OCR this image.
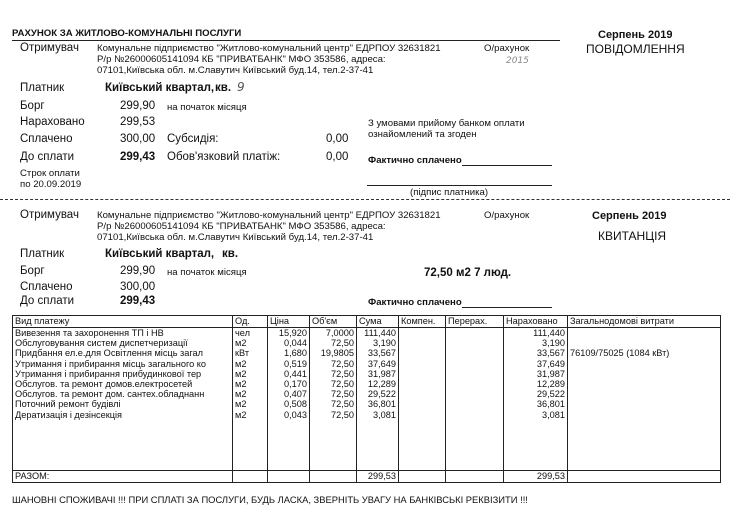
РАХУНОК ЗА ЖИТЛОВО-КОМУНАЛЬНІ ПОСЛУГИ
Отримувач Комунальне підприємство "Житлово-комунальний центр" ЕДРПОУ 32631821
Р/р №26000605141094 КБ "ПРИВАТБАНК" МФО 353586, адреса:
07101,Київська обл. м.Славутич Київський буд.14, тел.2-37-41
О/рахунок
2015
Серпень 2019
ПОВІДОМЛЕННЯ
Платник	Київський квартал, кв. 9
Борг	299,90 на початок місяця
Нараховано	299,53
Сплачено	300,00 Субсидія:	0,00
До сплати	299,43 Обов'язковий платіж:	0,00
З умовами прийому банком оплати
ознайомлений та згоден
Фактично сплачено
Строк оплати
по 20.09.2019
(підпис платника)
Отримувач Комунальне підприємство "Житлово-комунальний центр" ЕДРПОУ 32631821
Р/р №26000605141094 КБ "ПРИВАТБАНК" МФО 353586, адреса:
07101,Київська обл. м.Славутич Київський буд.14, тел.2-37-41
О/рахунок	Серпень 2019
КВИТАНЦІЯ
Платник	Київський квартал, кв.
Борг	299,90 на початок місяця	72,50 м2 7 люд.
Сплачено	300,00
До сплати	299,43	Фактично сплачено
Вид платежу	Од.	Ціна	Об'єм	Сума	Компен.	Перерах.	Нараховано	Загальнодомові витрати
Вивезення та захоронення ТП і НВ	чел	15,920	7,0000	111,440			111,440	
Обслуговування систем диспетчеризації	м2	0,044	72,50	3,190			3,190	
Придбання ел.е.для Освітлення місць загал	кВт	1,680	19,9805	33,567			33,567	76109/75025 (1084 кВт)
Утримання і прибирання місць загального ко	м2	0,519	72,50	37,649			37,649	
Утримання і прибирання прибудинкової тер	м2	0,441	72,50	31,987			31,987	
Обслугов. та ремонт домов.електросетей	м2	0,170	72,50	12,289			12,289	
Обслугов. та ремонт дом. сантех.обладнанн	м2	0,407	72,50	29,522			29,522	
Поточний ремонт будівлі	м2	0,508	72,50	36,801			36,801	
Дератизація і дезінсекція	м2	0,043	72,50	3,081			3,081	

РАЗОМ:				299,53			299,53	
ШАНОВНІ СПОЖИВАЧІ !!! ПРИ СПЛАТІ ЗА ПОСЛУГИ, БУДЬ ЛАСКА, ЗВЕРНІТЬ УВАГУ НА БАНКІВСЬКІ РЕКВІЗИТИ !!!
